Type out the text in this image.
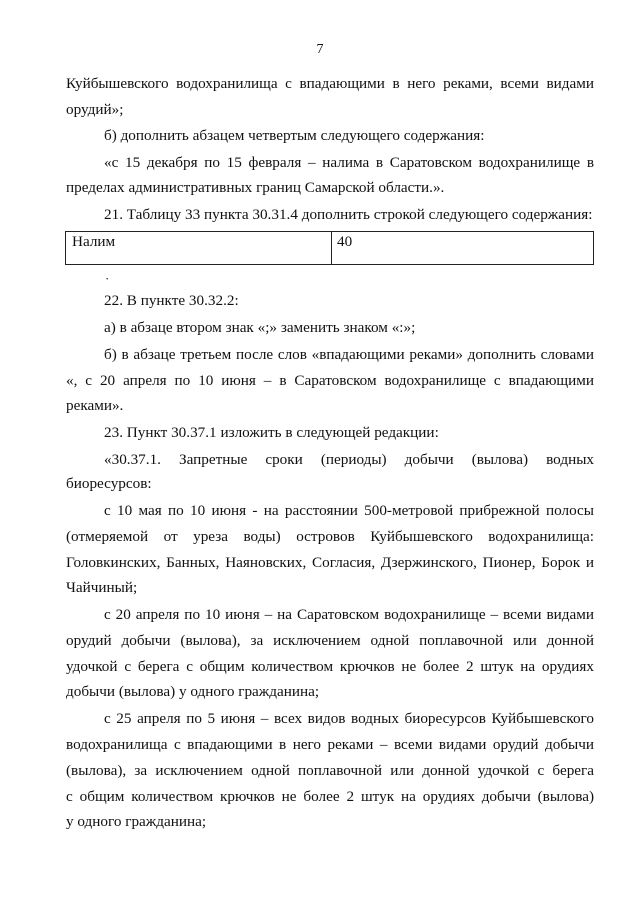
7
Куйбышевского водохранилища с впадающими в него реками, всеми видами
орудий»;
б) дополнить абзацем четвертым следующего содержания:
«с 15 декабря по 15 февраля – налима в Саратовском водохранилище в
пределах административных границ Самарской области.».
21. Таблицу 33 пункта 30.31.4 дополнить строкой следующего содержания:
Налим	40
·
22. В пункте 30.32.2:
а) в абзаце втором знак «;» заменить знаком «:»;
б) в абзаце третьем после слов «впадающими реками» дополнить словами
«, с 20 апреля по 10 июня – в Саратовском водохранилище с впадающими
реками».
23. Пункт 30.37.1 изложить в следующей редакции:
«30.37.1. Запретные сроки (периоды) добычи (вылова) водных
биоресурсов:
с 10 мая по 10 июня - на расстоянии 500-метровой прибрежной полосы
(отмеряемой от уреза воды) островов Куйбышевского водохранилища:
Головкинских, Банных, Наяновских, Согласия, Дзержинского, Пионер, Борок и
Чайчиный;
с 20 апреля по 10 июня – на Саратовском водохранилище – всеми видами
орудий добычи (вылова), за исключением одной поплавочной или донной
удочкой с берега с общим количеством крючков не более 2 штук на орудиях
добычи (вылова) у одного гражданина;
с 25 апреля по 5 июня – всех видов водных биоресурсов Куйбышевского
водохранилища с впадающими в него реками – всеми видами орудий добычи
(вылова), за исключением одной поплавочной или донной удочкой с берега
с общим количеством крючков не более 2 штук на орудиях добычи (вылова)
у одного гражданина;
